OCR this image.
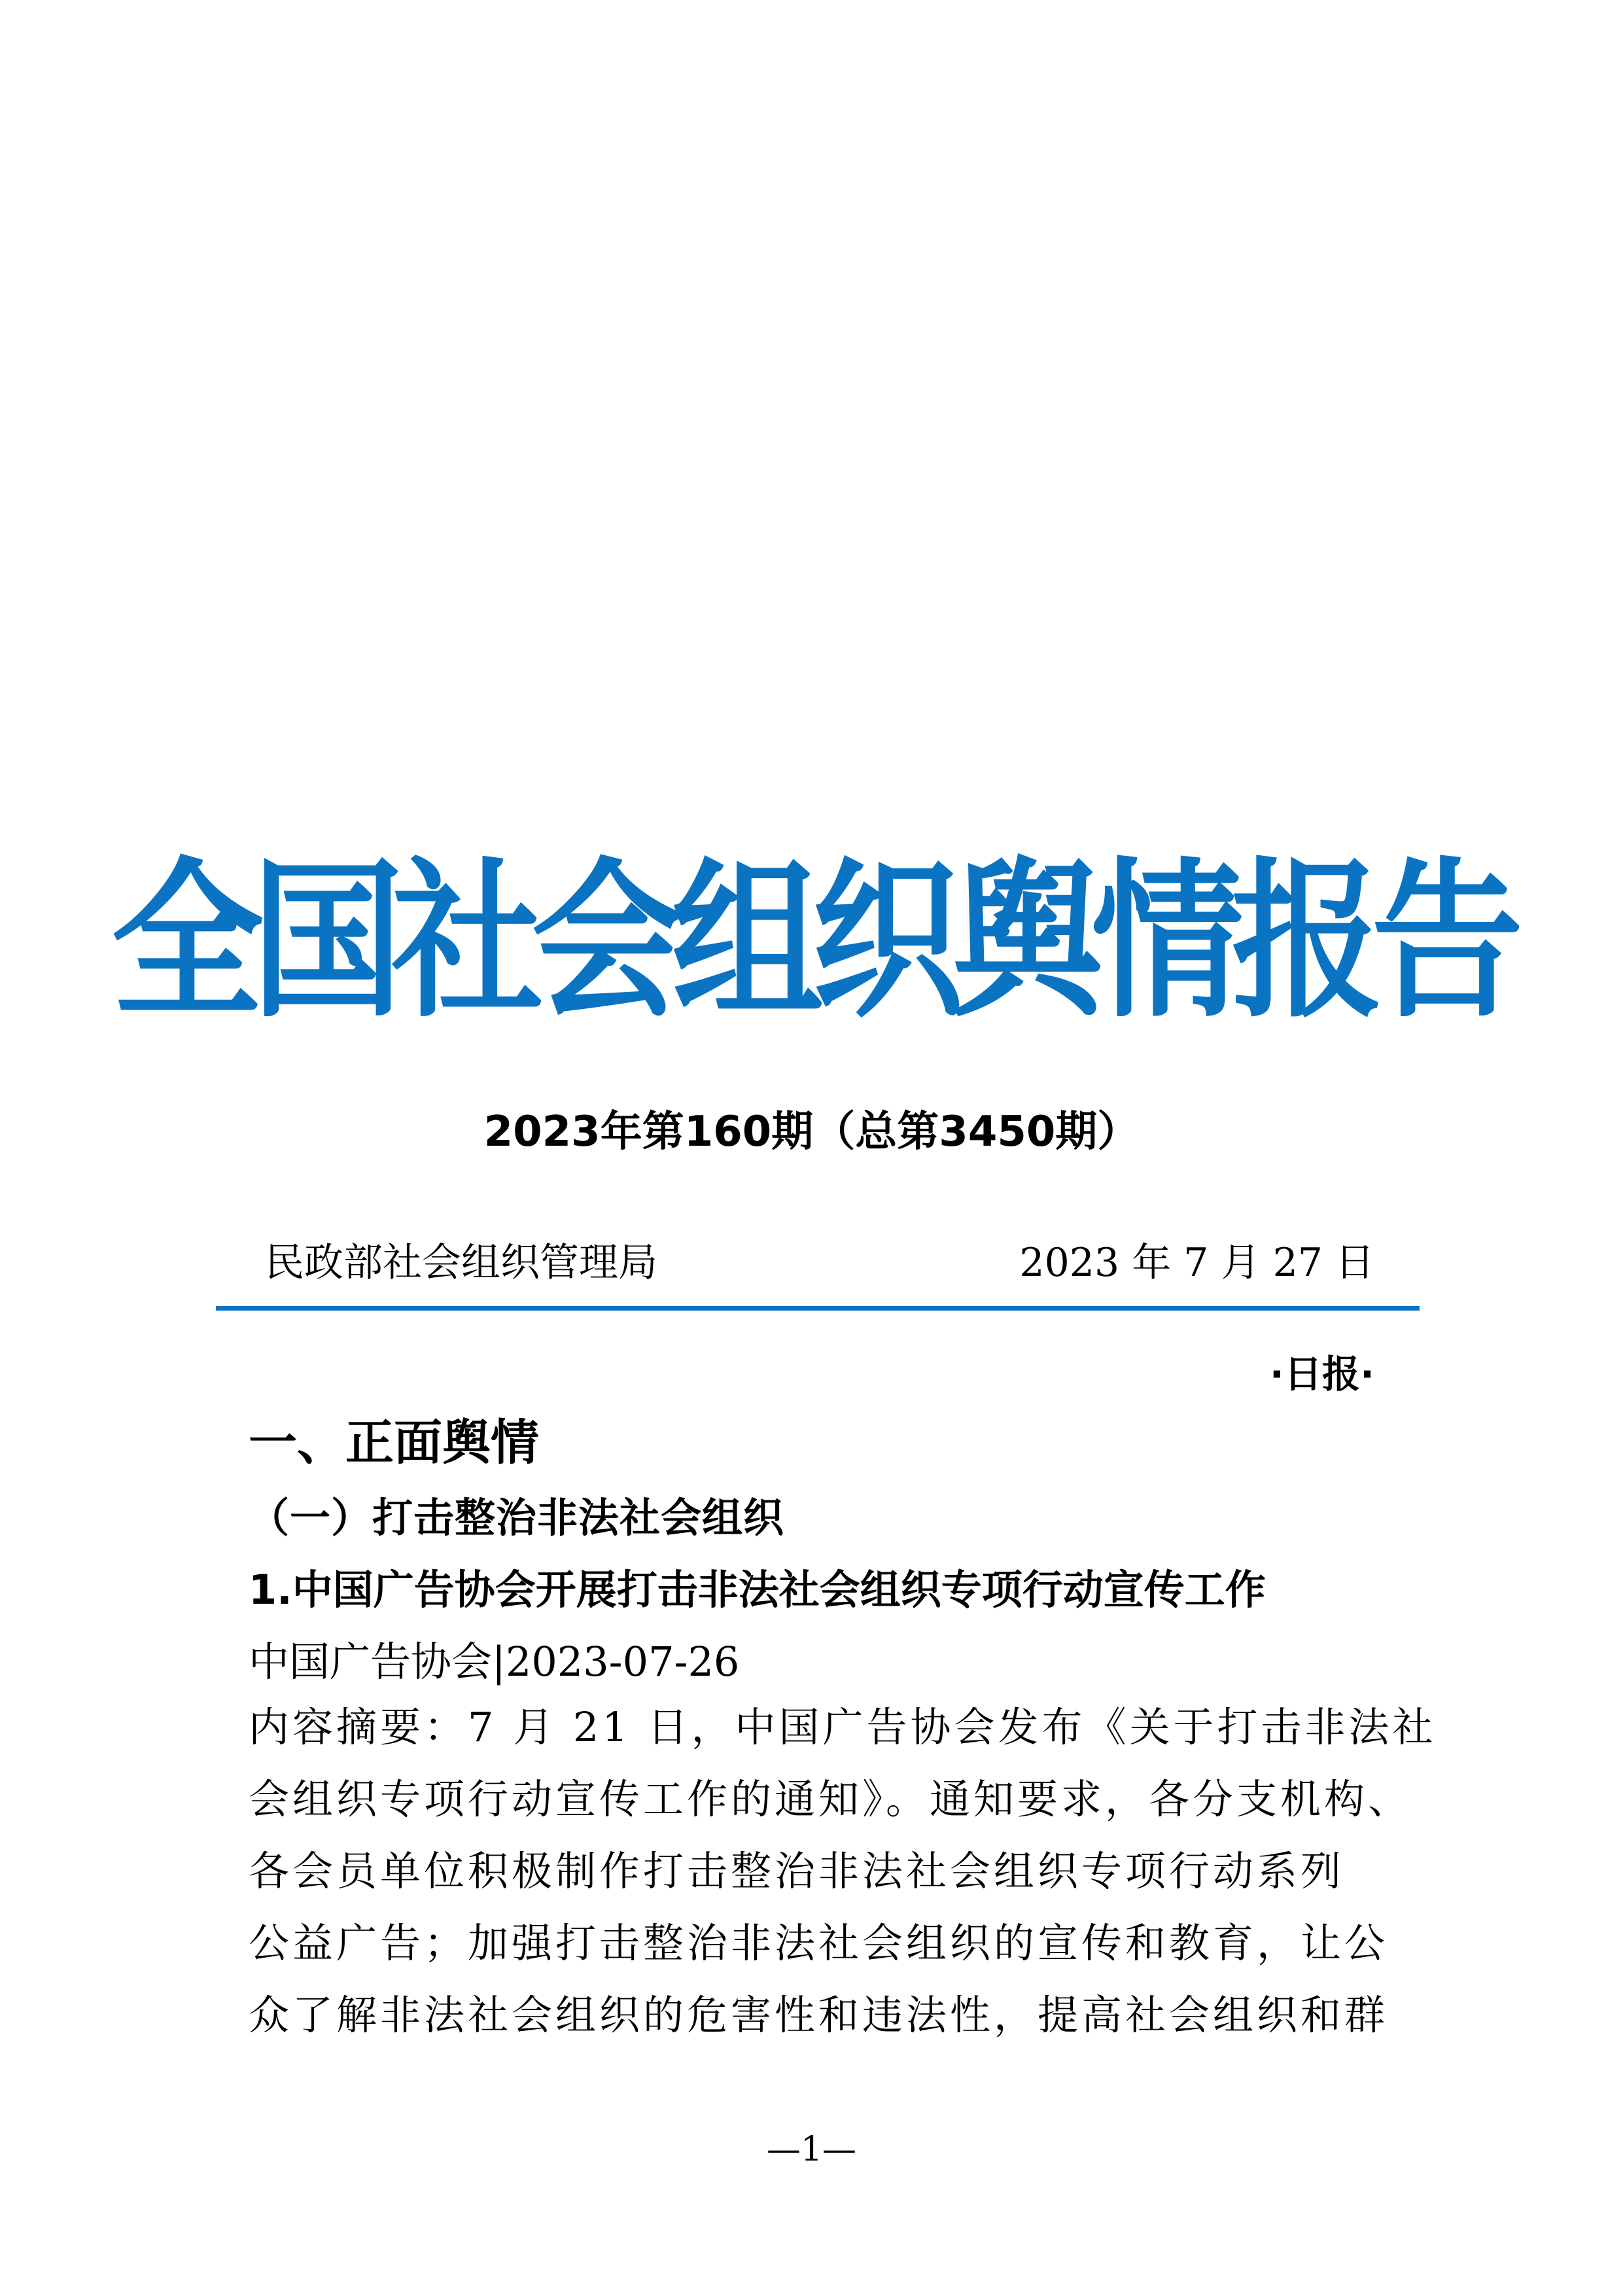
全国社会组织舆情报告
2023年第160期（总第3450期）
民政部社会组织管理局	2023 年 7 月 27 日
·日报·
一、正面舆情
（一）打击整治非法社会组织
1.中国广告协会开展打击非法社会组织专项行动宣传工作
中国广告协会|2023-07-26
内容摘要：7 月 21 日，中国广告协会发布《关于打击非法社
会组织专项行动宣传工作的通知》。通知要求，各分支机构、
各会员单位积极制作打击整治非法社会组织专项行动系列
公益广告；加强打击整治非法社会组织的宣传和教育，让公
众了解非法社会组织的危害性和违法性，提高社会组织和群
—1—
